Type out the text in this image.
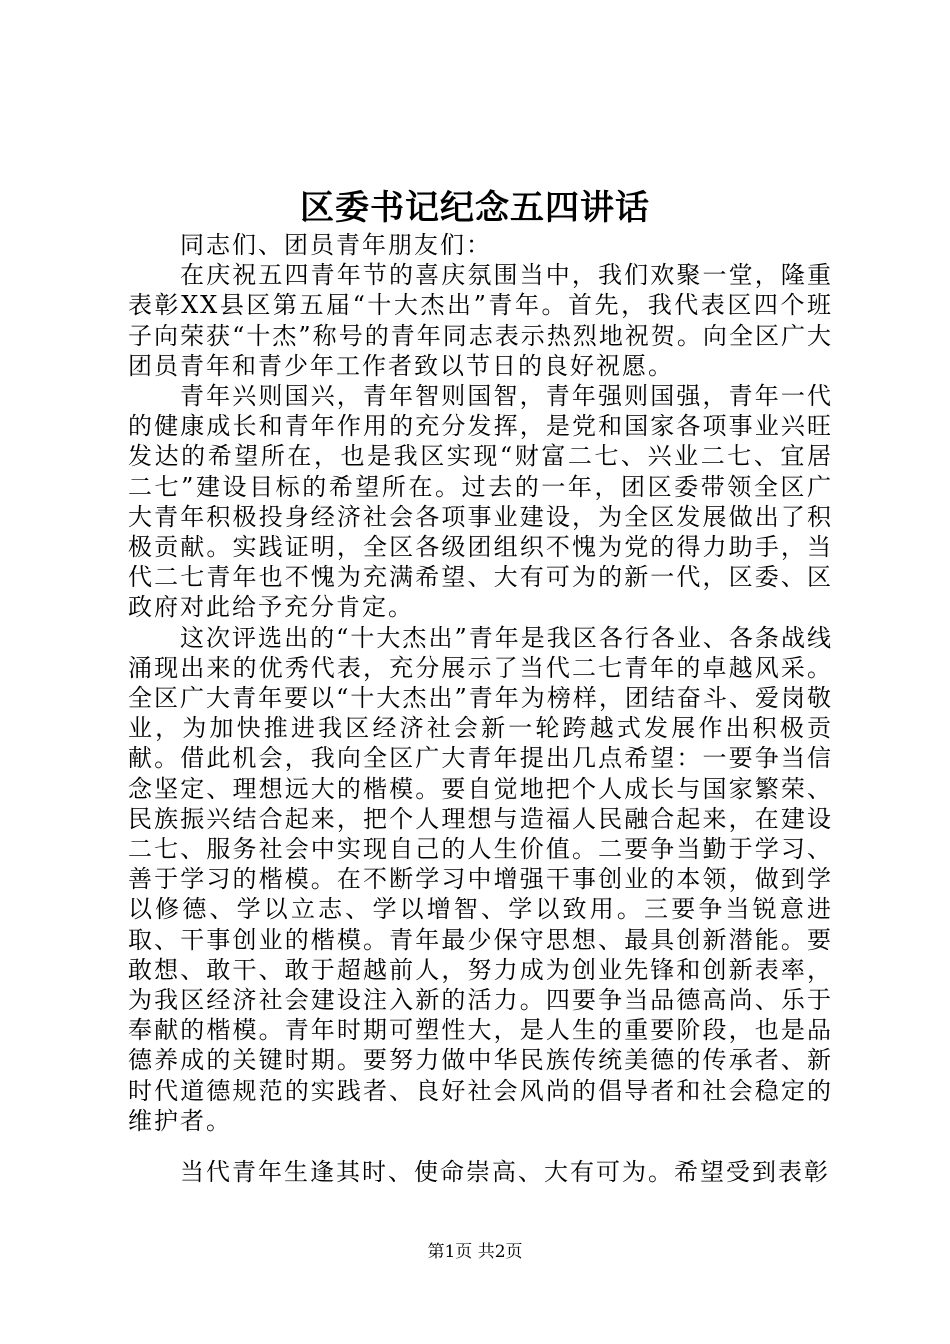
区委书记纪念五四讲话

同志们、团员青年朋友们：

在庆祝五四青年节的喜庆氛围当中，我们欢聚一堂，隆重表彰XX县区第五届“十大杰出”青年。首先，我代表区四个班子向荣获“十杰”称号的青年同志表示热烈地祝贺。向全区广大团员青年和青少年工作者致以节日的良好祝愿。

青年兴则国兴，青年智则国智，青年强则国强，青年一代的健康成长和青年作用的充分发挥，是党和国家各项事业兴旺发达的希望所在，也是我区实现“财富二七、兴业二七、宜居二七”建设目标的希望所在。过去的一年，团区委带领全区广大青年积极投身经济社会各项事业建设，为全区发展做出了积极贡献。实践证明，全区各级团组织不愧为党的得力助手，当代二七青年也不愧为充满希望、大有可为的新一代，区委、区政府对此给予充分肯定。

这次评选出的“十大杰出”青年是我区各行各业、各条战线涌现出来的优秀代表，充分展示了当代二七青年的卓越风采。全区广大青年要以“十大杰出”青年为榜样，团结奋斗、爱岗敬业，为加快推进我区经济社会新一轮跨越式发展作出积极贡献。借此机会，我向全区广大青年提出几点希望：一要争当信念坚定、理想远大的楷模。要自觉地把个人成长与国家繁荣、民族振兴结合起来，把个人理想与造福人民融合起来，在建设二七、服务社会中实现自己的人生价值。二要争当勤于学习、善于学习的楷模。在不断学习中增强干事创业的本领，做到学以修德、学以立志、学以增智、学以致用。三要争当锐意进取、干事创业的楷模。青年最少保守思想、最具创新潜能。要敢想、敢干、敢于超越前人，努力成为创业先锋和创新表率，为我区经济社会建设注入新的活力。四要争当品德高尚、乐于奉献的楷模。青年时期可塑性大，是人生的重要阶段，也是品德养成的关键时期。要努力做中华民族传统美德的传承者、新时代道德规范的实践者、良好社会风尚的倡导者和社会稳定的维护者。

当代青年生逢其时、使命崇高、大有可为。希望受到表彰

第1页 共2页
